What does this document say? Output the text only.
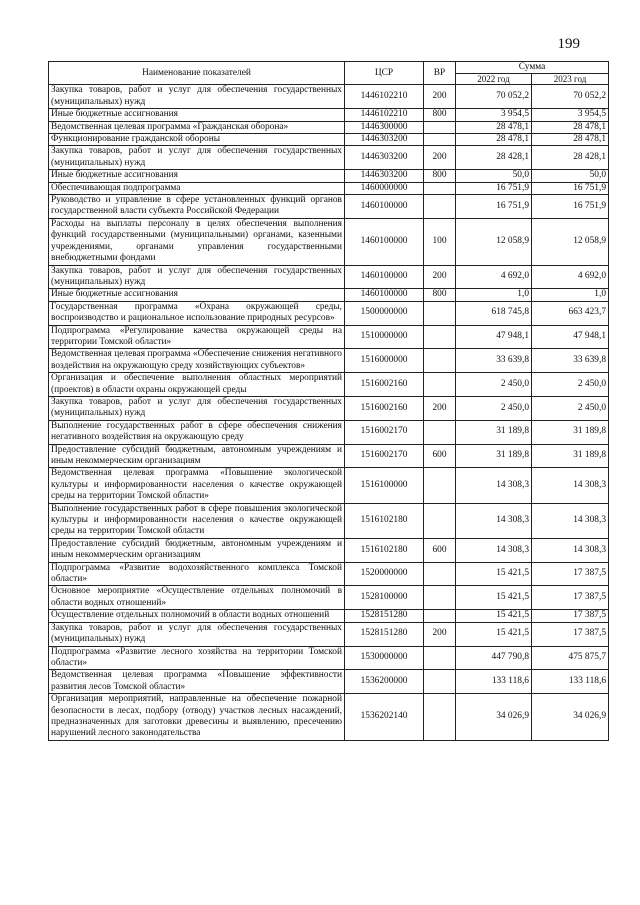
199
Наименование показателей	ЦСР	ВР	Сумма	
			2022 год	2023 год
Закупка товаров, работ и услуг для обеспечения государственных (муниципальных) нужд	1446102210	200	70 052,2	70 052,2
Иные бюджетные ассигнования	1446102210	800	3 954,5	3 954,5
Ведомственная целевая программа «Гражданская оборона»	1446300000		28 478,1	28 478,1
Функционирование гражданской обороны	1446303200		28 478,1	28 478,1
Закупка товаров, работ и услуг для обеспечения государственных (муниципальных) нужд	1446303200	200	28 428,1	28 428,1
Иные бюджетные ассигнования	1446303200	800	50,0	50,0
Обеспечивающая подпрограмма	1460000000		16 751,9	16 751,9
Руководство и управление в сфере установленных функций органов государственной власти субъекта Российской Федерации	1460100000		16 751,9	16 751,9
Расходы на выплаты персоналу в целях обеспечения выполнения функций государственными (муниципальными) органами, казенными учреждениями, органами управления государственными внебюджетными фондами	1460100000	100	12 058,9	12 058,9
Закупка товаров, работ и услуг для обеспечения государственных (муниципальных) нужд	1460100000	200	4 692,0	4 692,0
Иные бюджетные ассигнования	1460100000	800	1,0	1,0
Государственная программа «Охрана окружающей среды, воспроизводство и рациональное использование природных ресурсов»	1500000000		618 745,8	663 423,7
Подпрограмма «Регулирование качества окружающей среды на территории Томской области»	1510000000		47 948,1	47 948,1
Ведомственная целевая программа «Обеспечение снижения негативного воздействия на окружающую среду хозяйствующих субъектов»	1516000000		33 639,8	33 639,8
Организация и обеспечение выполнения областных мероприятий (проектов) в области охраны окружающей среды	1516002160		2 450,0	2 450,0
Закупка товаров, работ и услуг для обеспечения государственных (муниципальных) нужд	1516002160	200	2 450,0	2 450,0
Выполнение государственных работ в сфере обеспечения снижения негативного воздействия на окружающую среду	1516002170		31 189,8	31 189,8
Предоставление субсидий бюджетным, автономным учреждениям и иным некоммерческим организациям	1516002170	600	31 189,8	31 189,8
Ведомственная целевая программа «Повышение экологической культуры и информированности населения о качестве окружающей среды на территории Томской области»	1516100000		14 308,3	14 308,3
Выполнение государственных работ в сфере повышения экологической культуры и информированности населения о качестве окружающей среды на территории Томской области	1516102180		14 308,3	14 308,3
Предоставление субсидий бюджетным, автономным учреждениям и иным некоммерческим организациям	1516102180	600	14 308,3	14 308,3
Подпрограмма «Развитие водохозяйственного комплекса Томской области»	1520000000		15 421,5	17 387,5
Основное мероприятие «Осуществление отдельных полномочий в области водных отношений»	1528100000		15 421,5	17 387,5
Осуществление отдельных полномочий в области водных отношений	1528151280		15 421,5	17 387,5
Закупка товаров, работ и услуг для обеспечения государственных (муниципальных) нужд	1528151280	200	15 421,5	17 387,5
Подпрограмма «Развитие лесного хозяйства на территории Томской области»	1530000000		447 790,8	475 875,7
Ведомственная целевая программа «Повышение эффективности развития лесов Томской области»	1536200000		133 118,6	133 118,6
Организация мероприятий, направленные на обеспечение пожарной безопасности в лесах, подбору (отводу) участков лесных насаждений, предназначенных для заготовки древесины и выявлению, пресечению нарушений лесного законодательства	1536202140		34 026,9	34 026,9
